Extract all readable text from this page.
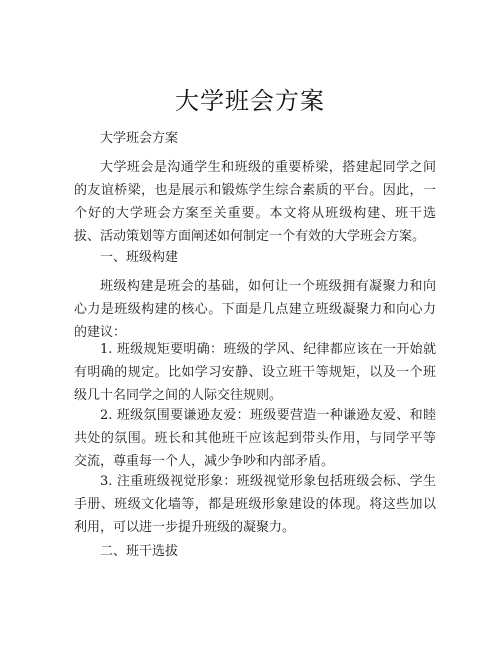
大学班会方案
大学班会方案
大学班会是沟通学生和班级的重要桥梁，搭建起同学之间的友谊桥梁，也是展示和锻炼学生综合素质的平台。因此，一个好的大学班会方案至关重要。本文将从班级构建、班干选拔、活动策划等方面阐述如何制定一个有效的大学班会方案。
一、班级构建
班级构建是班会的基础，如何让一个班级拥有凝聚力和向心力是班级构建的核心。下面是几点建立班级凝聚力和向心力的建议：
1. 班级规矩要明确：班级的学风、纪律都应该在一开始就有明确的规定。比如学习安静、设立班干等规矩，以及一个班级几十名同学之间的人际交往规则。
2. 班级氛围要谦逊友爱：班级要营造一种谦逊友爱、和睦共处的氛围。班长和其他班干应该起到带头作用，与同学平等交流，尊重每一个人，减少争吵和内部矛盾。
3. 注重班级视觉形象：班级视觉形象包括班级会标、学生手册、班级文化墙等，都是班级形象建设的体现。将这些加以利用，可以进一步提升班级的凝聚力。
二、班干选拔
